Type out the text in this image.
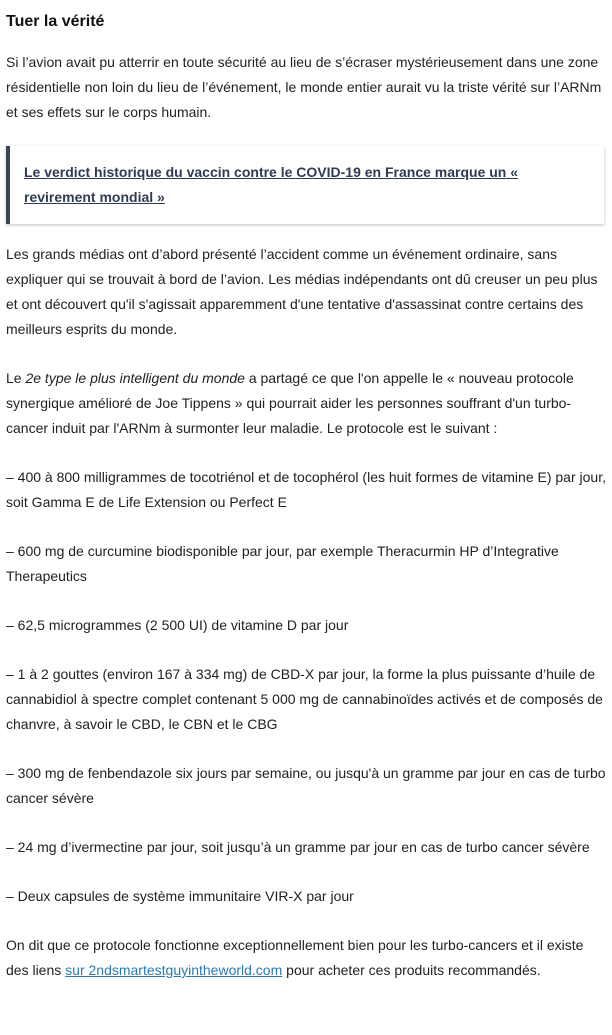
Tuer la vérité

Si l’avion avait pu atterrir en toute sécurité au lieu de s’écraser mystérieusement dans une zone résidentielle non loin du lieu de l’événement, le monde entier aurait vu la triste vérité sur l’ARNm et ses effets sur le corps humain.

Le verdict historique du vaccin contre le COVID-19 en France marque un « revirement mondial »

Les grands médias ont d’abord présenté l’accident comme un événement ordinaire, sans expliquer qui se trouvait à bord de l’avion. Les médias indépendants ont dû creuser un peu plus et ont découvert qu'il s'agissait apparemment d'une tentative d'assassinat contre certains des meilleurs esprits du monde.

Le 2e type le plus intelligent du monde a partagé ce que l'on appelle le « nouveau protocole synergique amélioré de Joe Tippens » qui pourrait aider les personnes souffrant d'un turbo-cancer induit par l'ARNm à surmonter leur maladie. Le protocole est le suivant :

– 400 à 800 milligrammes de tocotriénol et de tocophérol (les huit formes de vitamine E) par jour, soit Gamma E de Life Extension ou Perfect E

– 600 mg de curcumine biodisponible par jour, par exemple Theracurmin HP d’Integrative Therapeutics

– 62,5 microgrammes (2 500 UI) de vitamine D par jour

– 1 à 2 gouttes (environ 167 à 334 mg) de CBD-X par jour, la forme la plus puissante d’huile de cannabidiol à spectre complet contenant 5 000 mg de cannabinoïdes activés et de composés de chanvre, à savoir le CBD, le CBN et le CBG

– 300 mg de fenbendazole six jours par semaine, ou jusqu'à un gramme par jour en cas de turbo cancer sévère

– 24 mg d’ivermectine par jour, soit jusqu’à un gramme par jour en cas de turbo cancer sévère

– Deux capsules de système immunitaire VIR-X par jour

On dit que ce protocole fonctionne exceptionnellement bien pour les turbo-cancers et il existe des liens sur 2ndsmartestguyintheworld.com pour acheter ces produits recommandés.
